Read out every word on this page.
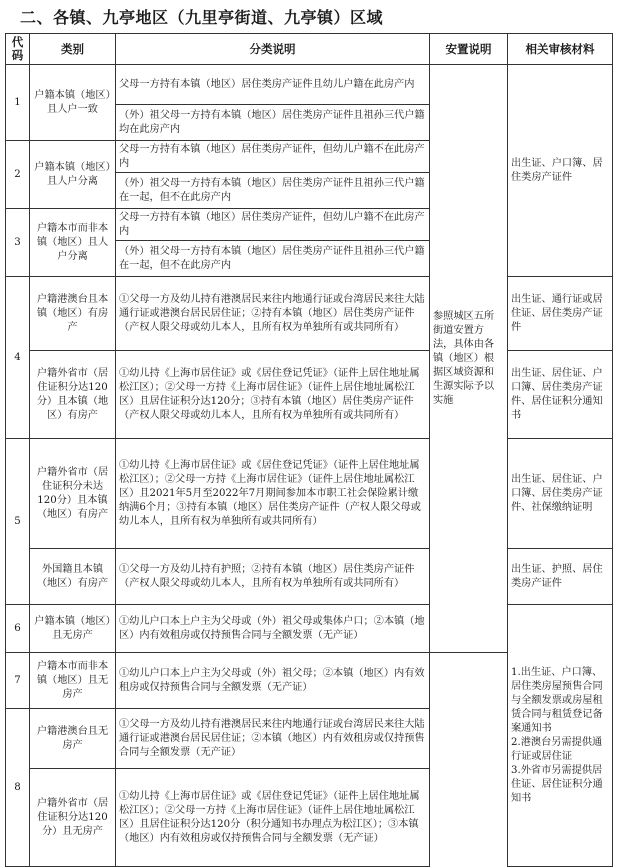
二、各镇、九亭地区（九里亭街道、九亭镇）区域
代码	类别	分类说明	安置说明	相关审核材料
1	户籍本镇（地区）且人户一致	父母一方持有本镇（地区）居住类房产证件且幼儿户籍在此房产内	参照城区五所街道安置方法，具体由各镇（地区）根据区域资源和生源实际予以实施	出生证、户口簿、居住类房产证件
		（外）祖父母一方持有本镇（地区）居住类房产证件且祖孙三代户籍均在此房产内		
2	户籍本镇（地区）且人户分离	父母一方持有本镇（地区）居住类房产证件，但幼儿户籍不在此房产内		
		（外）祖父母一方持有本镇（地区）居住类房产证件且祖孙三代户籍在一起，但不在此房产内		
3	户籍本市而非本镇（地区）且人户分离	父母一方持有本镇（地区）居住类房产证件，但幼儿户籍不在此房产内		
		（外）祖父母一方持有本镇（地区）居住类房产证件且祖孙三代户籍在一起，但不在此房产内		
4	户籍港澳台且本镇（地区）有房产	①父母一方及幼儿持有港澳居民来往内地通行证或台湾居民来往大陆通行证或港澳台居民居住证；②持有本镇（地区）居住类房产证件（产权人限父母或幼儿本人，且所有权为单独所有或共同所有）		出生证、通行证或居住证、居住类房产证件
	户籍外省市（居住证积分达120分）且本镇（地区）有房产	①幼儿持《上海市居住证》或《居住登记凭证》（证件上居住地址属松江区）；②父母一方持《上海市居住证》（证件上居住地址属松江区）且居住证积分达120分；③持有本镇（地区）居住类房产证件（产权人限父母或幼儿本人，且所有权为单独所有或共同所有）		出生证、居住证、户口簿、居住类房产证件、居住证积分通知书
5	户籍外省市（居住证积分未达120分）且本镇（地区）有房产	①幼儿持《上海市居住证》或《居住登记凭证》（证件上居住地址属松江区）；②父母一方持《上海市居住证》（证件上居住地址属松江区）且2021年5月至2022年7月期间参加本市职工社会保险累计缴纳满6个月；③持有本镇（地区）居住类房产证件（产权人限父母或幼儿本人，且所有权为单独所有或共同所有）		出生证、居住证、户口簿、居住类房产证件、社保缴纳证明
	外国籍且本镇（地区）有房产	①父母一方及幼儿持有护照；②持有本镇（地区）居住类房产证件（产权人限父母或幼儿本人，且所有权为单独所有或共同所有）		出生证、护照、居住类房产证件
6	户籍本镇（地区）且无房产	①幼儿户口本上户主为父母或（外）祖父母或集体户口；②本镇（地区）内有效租房或仅持预售合同与全额发票（无产证）		1.出生证、户口簿、居住类房屋预售合同与全额发票或房屋租赁合同与租赁登记备案通知书
2.港澳台另需提供通行证或居住证
3.外省市另需提供居住证、居住证积分通知书
7	户籍本市而非本镇（地区）且无房产	①幼儿户口本上户主为父母或（外）祖父母；②本镇（地区）内有效租房或仅持预售合同与全额发票（无产证）		
8	户籍港澳台且无房产	①父母一方及幼儿持有港澳居民来往内地通行证或台湾居民来往大陆通行证或港澳台居民居住证；②本镇（地区）内有效租房或仅持预售合同与全额发票（无产证）		
	户籍外省市（居住证积分达120分）且无房产	①幼儿持《上海市居住证》或《居住登记凭证》（证件上居住地址属松江区）；②父母一方持《上海市居住证》（证件上居住地址属松江区）且居住证积分达120分（积分通知书办理点为松江区）；③本镇（地区）内有效租房或仅持预售合同与全额发票（无产证）		
